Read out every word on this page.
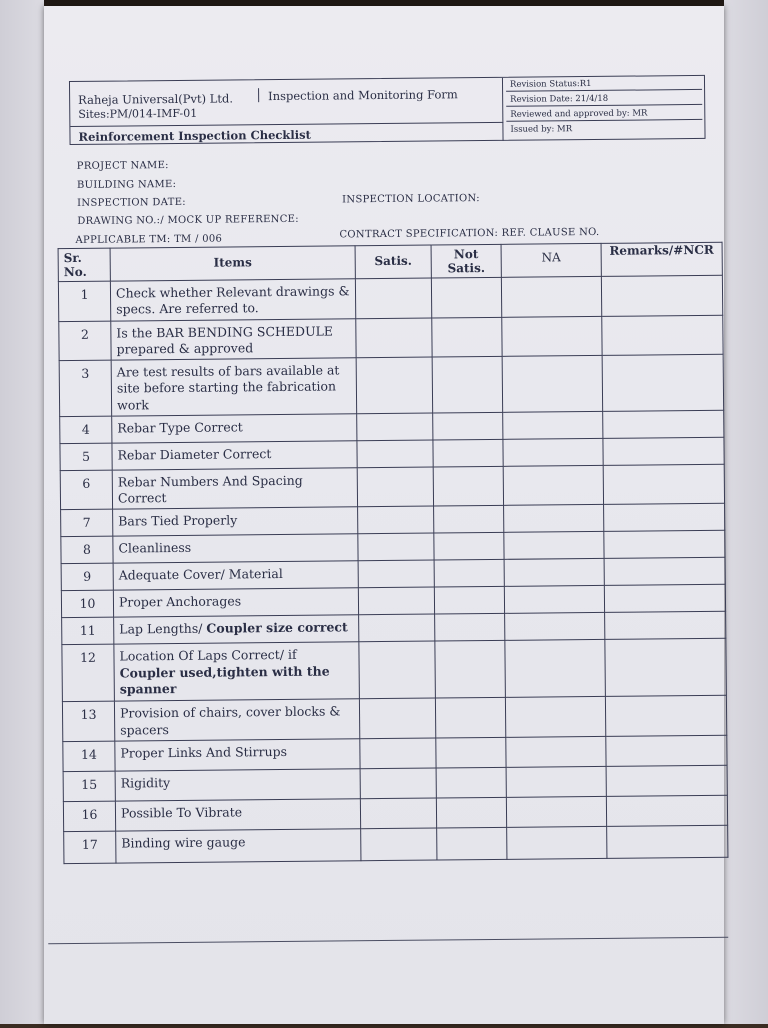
Raheja Universal(Pvt) Ltd.	Inspection and Monitoring Form
Sites:PM/014-IMF-01
Reinforcement Inspection Checklist
Revision Status:R1
Revision Date: 21/4/18
Reviewed and approved by: MR
Issued by: MR
PROJECT NAME:
BUILDING NAME:
INSPECTION DATE:	INSPECTION LOCATION:
DRAWING NO.:/ MOCK UP REFERENCE:
APPLICABLE TM: TM / 006	CONTRACT SPECIFICATION: REF. CLAUSE NO.
Sr. No.	Items	Satis.	Not Satis.	NA	Remarks/#NCR
1	Check whether Relevant drawings & specs. Are referred to.				
2	Is the BAR BENDING SCHEDULE prepared & approved				
3	Are test results of bars available at site before starting the fabrication work				
4	Rebar Type Correct				
5	Rebar Diameter Correct				
6	Rebar Numbers And Spacing Correct				
7	Bars Tied Properly				
8	Cleanliness				
9	Adequate Cover/ Material				
10	Proper Anchorages				
11	Lap Lengths/ Coupler size correct				
12	Location Of Laps Correct/ if Coupler used,tighten with the spanner				
13	Provision of chairs, cover blocks & spacers				
14	Proper Links And Stirrups				
15	Rigidity				
16	Possible To Vibrate				
17	Binding wire gauge				
